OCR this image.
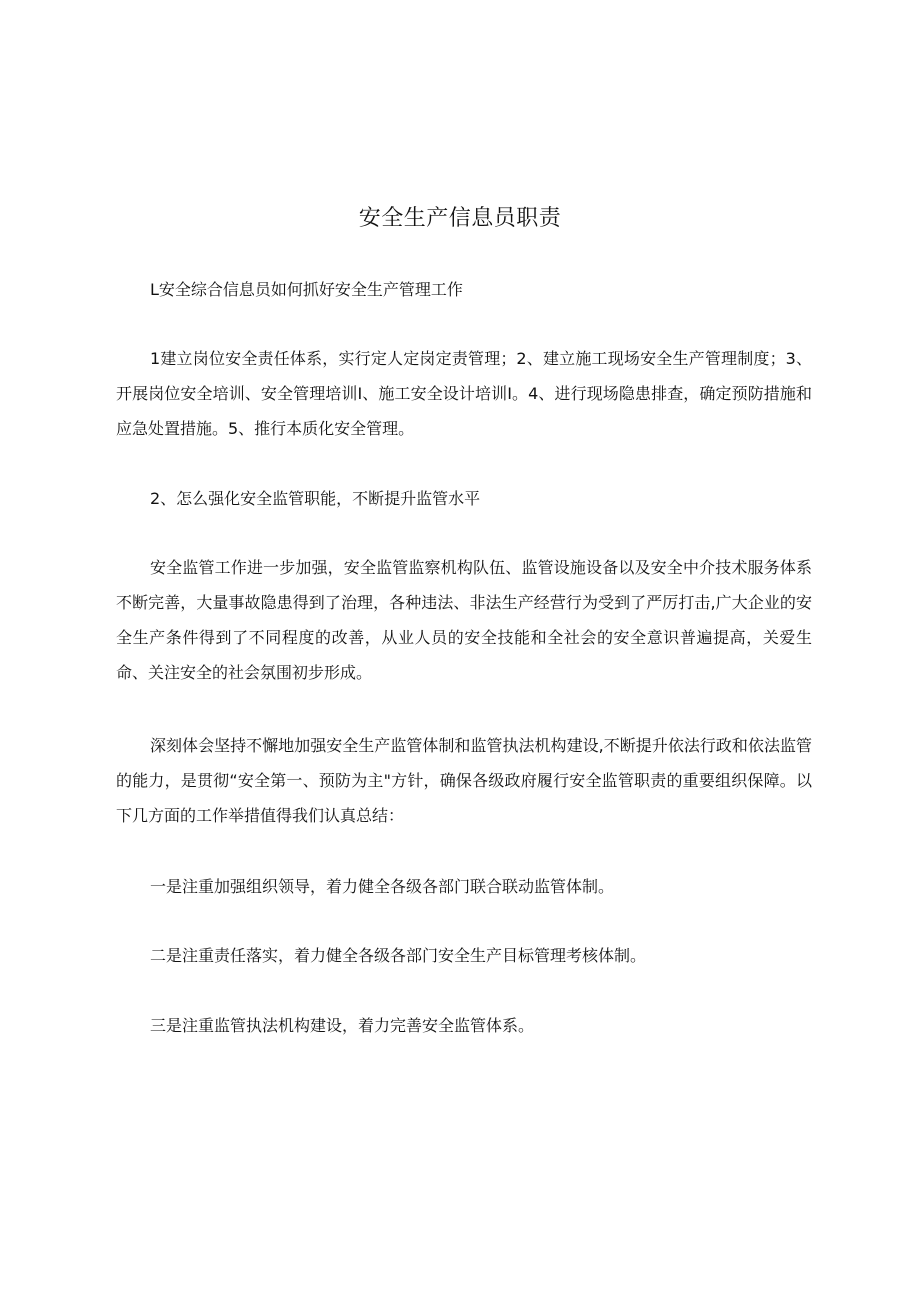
安全生产信息员职责

L安全综合信息员如何抓好安全生产管理工作

1建立岗位安全责任体系，实行定人定岗定责管理；2、建立施工现场安全生产管理制度；3、开展岗位安全培训、安全管理培训I、施工安全设计培训I。4、进行现场隐患排查，确定预防措施和应急处置措施。5、推行本质化安全管理。

2、怎么强化安全监管职能，不断提升监管水平

安全监管工作进一步加强，安全监管监察机构队伍、监管设施设备以及安全中介技术服务体系不断完善，大量事故隐患得到了治理，各种违法、非法生产经营行为受到了严厉打击,广大企业的安全生产条件得到了不同程度的改善，从业人员的安全技能和全社会的安全意识普遍提高，关爱生命、关注安全的社会氛围初步形成。

深刻体会坚持不懈地加强安全生产监管体制和监管执法机构建设,不断提升依法行政和依法监管的能力，是贯彻“安全第一、预防为主"方针，确保各级政府履行安全监管职责的重要组织保障。以下几方面的工作举措值得我们认真总结：

一是注重加强组织领导，着力健全各级各部门联合联动监管体制。

二是注重责任落实，着力健全各级各部门安全生产目标管理考核体制。

三是注重监管执法机构建设，着力完善安全监管体系。
